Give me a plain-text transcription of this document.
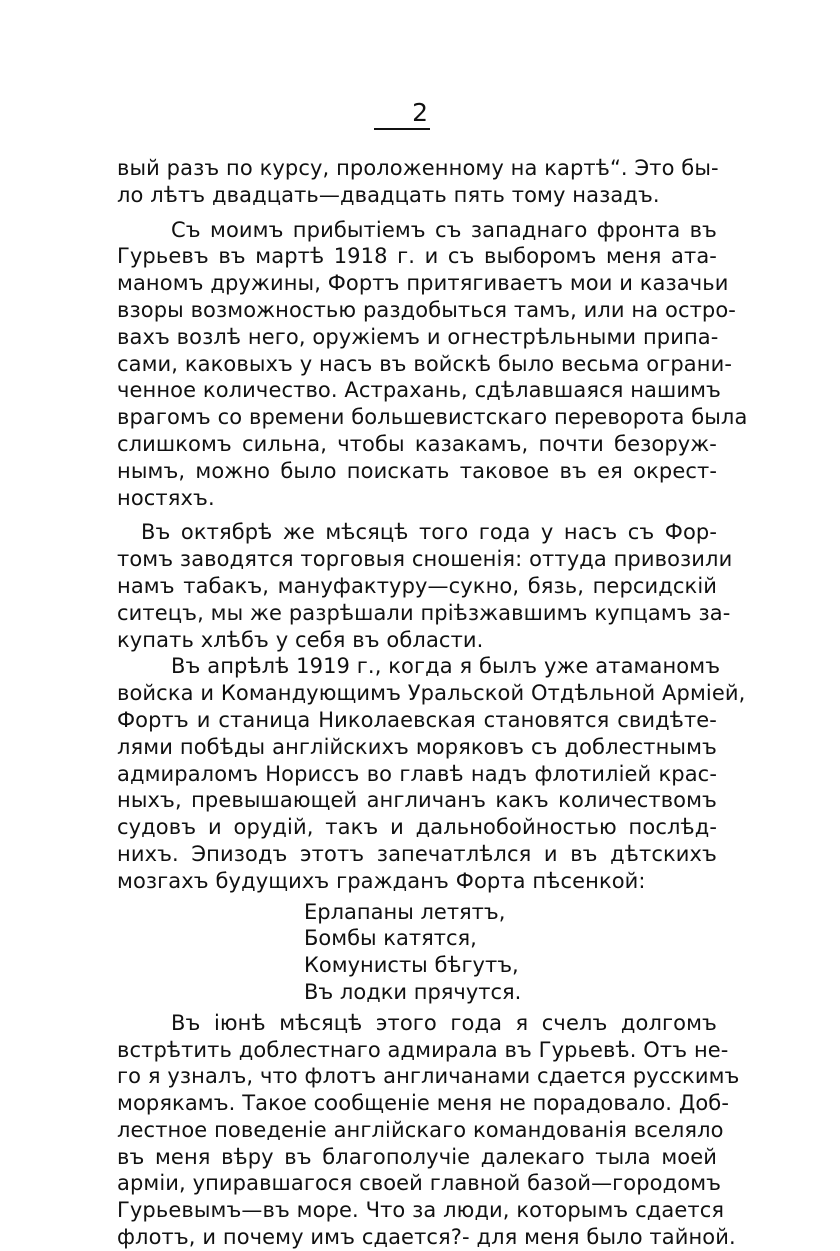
2
вый разъ по курсу, проложенному на картѣ“. Это бы-
ло лѣтъ двадцать—двадцать пять тому назадъ.
Съ моимъ прибытіемъ съ западнаго фронта въ
Гурьевъ въ мартѣ 1918 г. и съ выборомъ меня ата-
маномъ дружины, Фортъ притягиваетъ мои и казачьи
взоры возможностью раздобыться тамъ, или на остро-
вахъ возлѣ него, оружіемъ и огнестрѣльными припа-
сами, каковыхъ у насъ въ войскѣ было весьма ограни-
ченное количество. Астрахань, сдѣлавшаяся нашимъ
врагомъ со времени большевистскаго переворота была
слишкомъ сильна, чтобы казакамъ, почти безоруж-
нымъ, можно было поискать таковое въ ея окрест-
ностяхъ.
Въ октябрѣ же мѣсяцѣ того года у насъ съ Фор-
томъ заводятся торговыя сношенія: оттуда привозили
намъ табакъ, мануфактуру—сукно, бязь, персидскій
ситецъ, мы же разрѣшали пріѣзжавшимъ купцамъ за-
купать хлѣбъ у себя въ области.
Въ апрѣлѣ 1919 г., когда я былъ уже атаманомъ
войска и Командующимъ Уральской Отдѣльной Арміей,
Фортъ и станица Николаевская становятся свидѣте-
лями побѣды англійскихъ моряковъ съ доблестнымъ
адмираломъ Нориссъ во главѣ надъ флотиліей крас-
ныхъ, превышающей англичанъ какъ количествомъ
судовъ и орудій, такъ и дальнобойностью послѣд-
нихъ. Эпизодъ этотъ запечатлѣлся и въ дѣтскихъ
мозгахъ будущихъ гражданъ Форта пѣсенкой:
Ерлапаны летятъ,
Бомбы катятся,
Комунисты бѣгутъ,
Въ лодки прячутся.
Въ іюнѣ мѣсяцѣ этого года я счелъ долгомъ
встрѣтить доблестнаго адмирала въ Гурьевѣ. Отъ не-
го я узналъ, что флотъ англичанами сдается русскимъ
морякамъ. Такое сообщеніе меня не порадовало. Доб-
лестное поведеніе англійскаго командованія вселяло
въ меня вѣру въ благополучіе далекаго тыла моей
арміи, упиравшагося своей главной базой—городомъ
Гурьевымъ—въ море. Что за люди, которымъ сдается
флотъ, и почему имъ сдается?- для меня было тайной.
